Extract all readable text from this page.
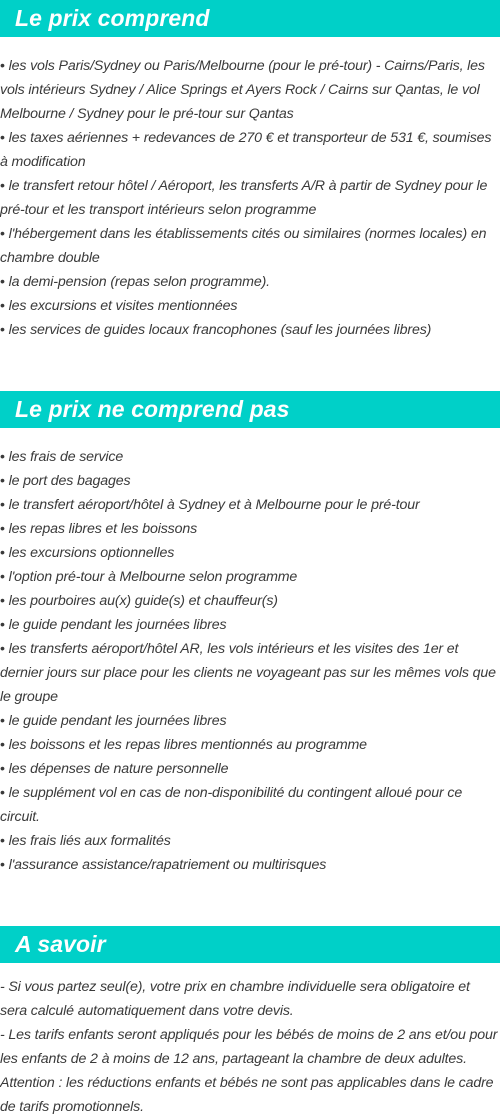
Le prix comprend
• les vols Paris/Sydney ou Paris/Melbourne (pour le pré-tour) - Cairns/Paris, les vols intérieurs Sydney / Alice Springs et Ayers Rock / Cairns sur Qantas, le vol Melbourne / Sydney pour le pré-tour sur Qantas
• les taxes aériennes + redevances de 270 € et transporteur de 531 €, soumises à modification
• le transfert retour hôtel / Aéroport, les transferts A/R à partir de Sydney pour le pré-tour et les transport intérieurs selon programme
• l'hébergement dans les établissements cités ou similaires (normes locales) en chambre double
• la demi-pension (repas selon programme).
• les excursions et visites mentionnées
• les services de guides locaux francophones (sauf les journées libres)
Le prix ne comprend pas
• les frais de service
• le port des bagages
• le transfert aéroport/hôtel à Sydney et à Melbourne pour le pré-tour
• les repas libres et les boissons
• les excursions optionnelles
• l'option pré-tour à Melbourne selon programme
• les pourboires au(x) guide(s) et chauffeur(s)
• le guide pendant les journées libres
• les transferts aéroport/hôtel AR, les vols intérieurs et les visites des 1er et dernier jours sur place pour les clients ne voyageant pas sur les mêmes vols que le groupe
• le guide pendant les journées libres
• les boissons et les repas libres mentionnés au programme
• les dépenses de nature personnelle
• le supplément vol en cas de non-disponibilité du contingent alloué pour ce circuit.
• les frais liés aux formalités
• l'assurance assistance/rapatriement ou multirisques
A savoir

- Si vous partez seul(e), votre prix en chambre individuelle sera obligatoire et sera calculé automatiquement dans votre devis.

- Les tarifs enfants seront appliqués pour les bébés de moins de 2 ans et/ou pour les enfants de 2 à moins de 12 ans, partageant la chambre de deux adultes.

Attention : les réductions enfants et bébés ne sont pas applicables dans le cadre de tarifs promotionnels.
